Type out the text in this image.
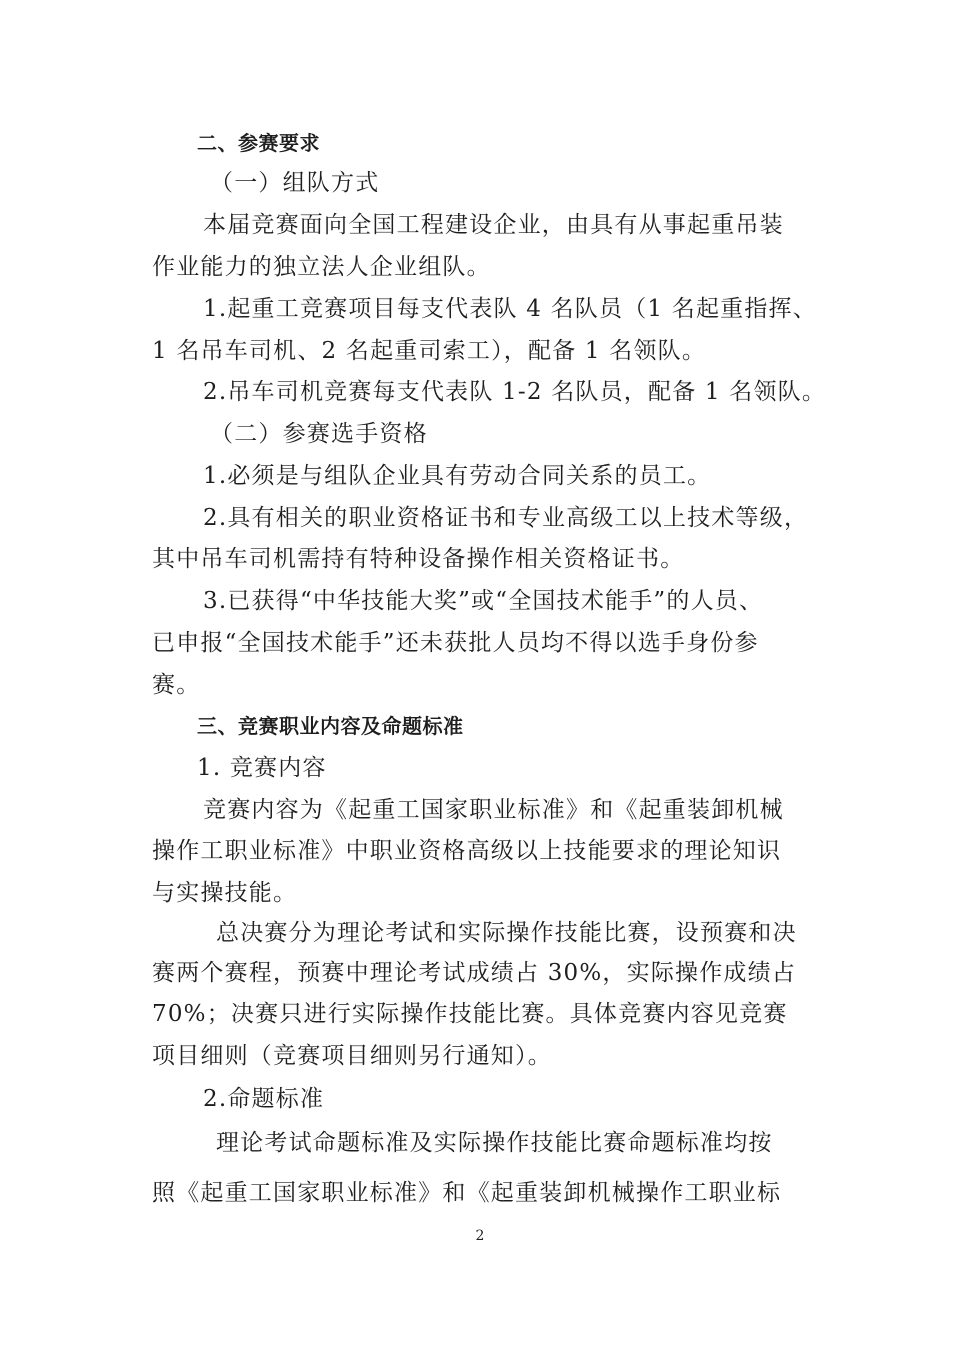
二、参赛要求
（一）组队方式
本届竞赛面向全国工程建设企业，由具有从事起重吊装
作业能力的独立法人企业组队。
1.起重工竞赛项目每支代表队 4 名队员（1 名起重指挥、
1 名吊车司机、2 名起重司索工），配备 1 名领队。
2.吊车司机竞赛每支代表队 1-2 名队员，配备 1 名领队。
（二）参赛选手资格
1.必须是与组队企业具有劳动合同关系的员工。
2.具有相关的职业资格证书和专业高级工以上技术等级，
其中吊车司机需持有特种设备操作相关资格证书。
3.已获得“中华技能大奖”或“全国技术能手”的人员、
已申报“全国技术能手”还未获批人员均不得以选手身份参
赛。
三、竞赛职业内容及命题标准
1. 竞赛内容
竞赛内容为《起重工国家职业标准》和《起重装卸机械
操作工职业标准》中职业资格高级以上技能要求的理论知识
与实操技能。
总决赛分为理论考试和实际操作技能比赛，设预赛和决
赛两个赛程，预赛中理论考试成绩占 30%，实际操作成绩占
70%；决赛只进行实际操作技能比赛。具体竞赛内容见竞赛
项目细则（竞赛项目细则另行通知）。
2.命题标准
理论考试命题标准及实际操作技能比赛命题标准均按
照《起重工国家职业标准》和《起重装卸机械操作工职业标
2
